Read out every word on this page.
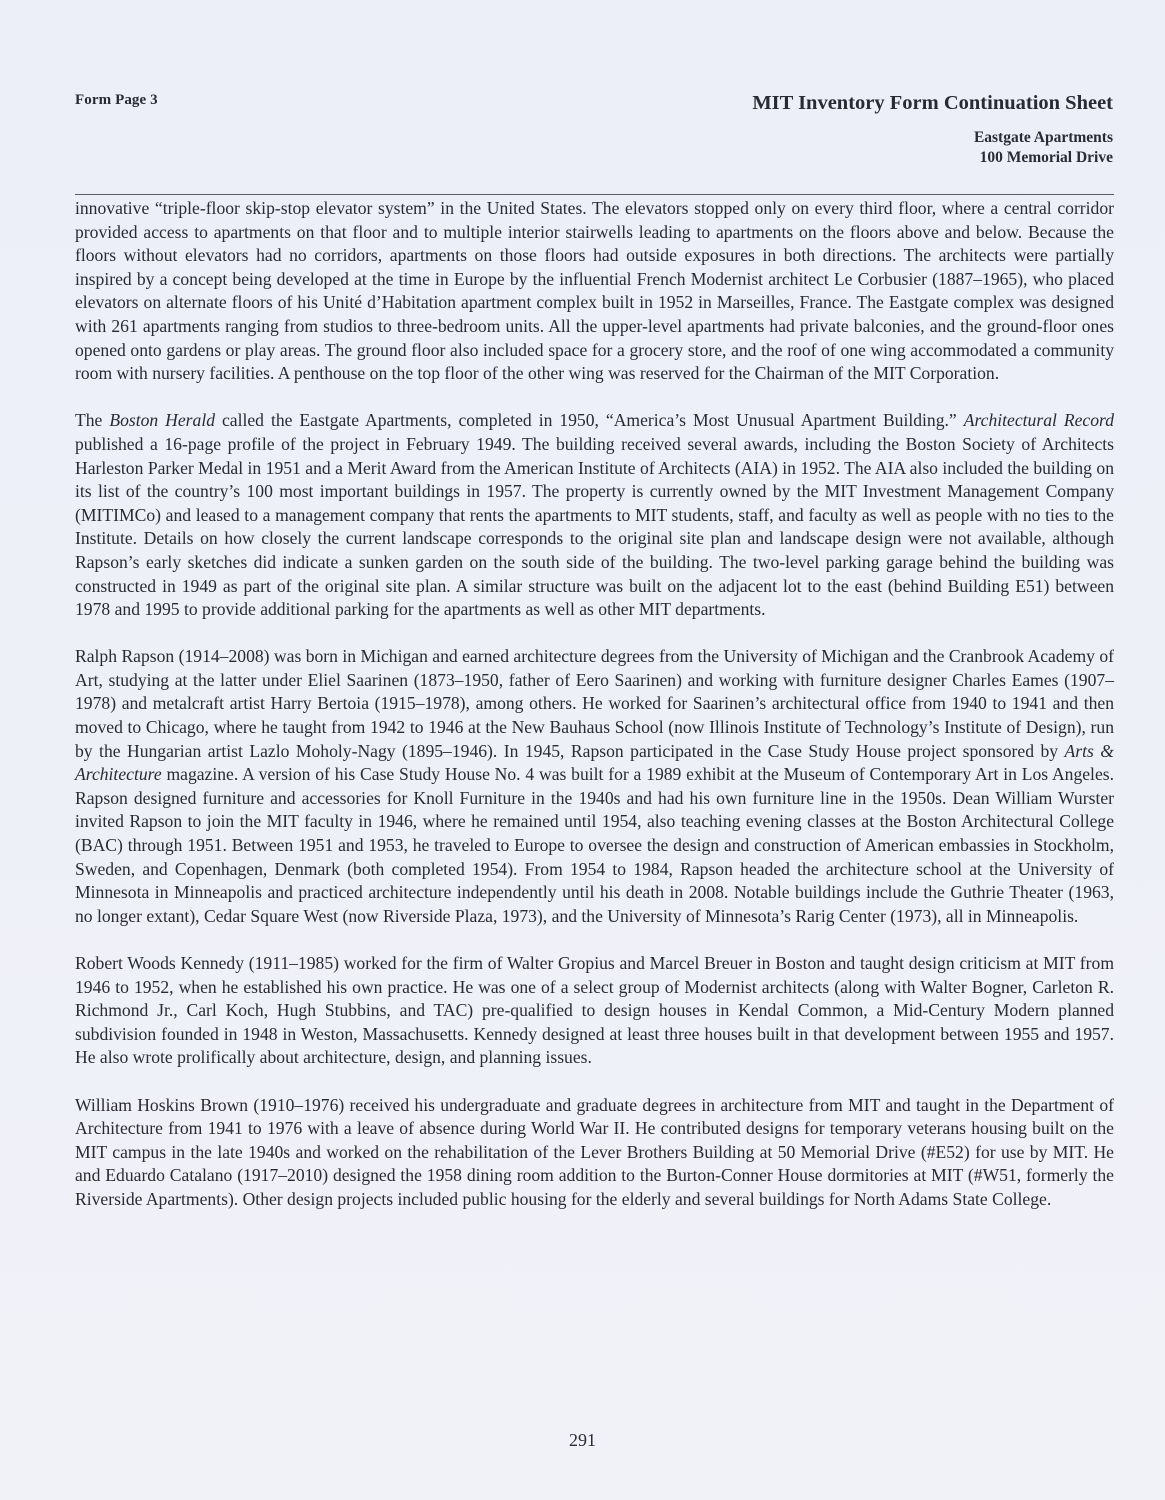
Form Page 3	MIT Inventory Form Continuation Sheet
Eastgate Apartments
100 Memorial Drive

innovative “triple-floor skip-stop elevator system” in the United States. The elevators stopped only on every third floor, where a central corridor provided access to apartments on that floor and to multiple interior stairwells leading to apartments on the floors above and below. Because the floors without elevators had no corridors, apartments on those floors had outside exposures in both directions. The architects were partially inspired by a concept being developed at the time in Europe by the influential French Modernist architect Le Corbusier (1887–1965), who placed elevators on alternate floors of his Unité d’Habitation apartment complex built in 1952 in Marseilles, France. The Eastgate complex was designed with 261 apartments ranging from studios to three-bedroom units. All the upper-level apartments had private balconies, and the ground-floor ones opened onto gardens or play areas. The ground floor also included space for a grocery store, and the roof of one wing accommodated a community room with nursery facilities. A penthouse on the top floor of the other wing was reserved for the Chairman of the MIT Corporation.

The Boston Herald called the Eastgate Apartments, completed in 1950, “America’s Most Unusual Apartment Building.” Architectural Record published a 16-page profile of the project in February 1949. The building received several awards, including the Boston Society of Architects Harleston Parker Medal in 1951 and a Merit Award from the American Institute of Architects (AIA) in 1952. The AIA also included the building on its list of the country’s 100 most important buildings in 1957. The property is currently owned by the MIT Investment Management Company (MITIMCo) and leased to a management company that rents the apartments to MIT students, staff, and faculty as well as people with no ties to the Institute. Details on how closely the current landscape corresponds to the original site plan and landscape design were not available, although Rapson’s early sketches did indicate a sunken garden on the south side of the building. The two-level parking garage behind the building was constructed in 1949 as part of the original site plan. A similar structure was built on the adjacent lot to the east (behind Building E51) between 1978 and 1995 to provide additional parking for the apartments as well as other MIT departments.

Ralph Rapson (1914–2008) was born in Michigan and earned architecture degrees from the University of Michigan and the Cranbrook Academy of Art, studying at the latter under Eliel Saarinen (1873–1950, father of Eero Saarinen) and working with furniture designer Charles Eames (1907–1978) and metalcraft artist Harry Bertoia (1915–1978), among others. He worked for Saarinen’s architectural office from 1940 to 1941 and then moved to Chicago, where he taught from 1942 to 1946 at the New Bauhaus School (now Illinois Institute of Technology’s Institute of Design), run by the Hungarian artist Lazlo Moholy-Nagy (1895–1946). In 1945, Rapson participated in the Case Study House project sponsored by Arts & Architecture magazine. A version of his Case Study House No. 4 was built for a 1989 exhibit at the Museum of Contemporary Art in Los Angeles. Rapson designed furniture and accessories for Knoll Furniture in the 1940s and had his own furniture line in the 1950s. Dean William Wurster invited Rapson to join the MIT faculty in 1946, where he remained until 1954, also teaching evening classes at the Boston Architectural College (BAC) through 1951. Between 1951 and 1953, he traveled to Europe to oversee the design and construction of American embassies in Stockholm, Sweden, and Copenhagen, Denmark (both completed 1954). From 1954 to 1984, Rapson headed the architecture school at the University of Minnesota in Minneapolis and practiced architecture independently until his death in 2008. Notable buildings include the Guthrie Theater (1963, no longer extant), Cedar Square West (now Riverside Plaza, 1973), and the University of Minnesota’s Rarig Center (1973), all in Minneapolis.

Robert Woods Kennedy (1911–1985) worked for the firm of Walter Gropius and Marcel Breuer in Boston and taught design criticism at MIT from 1946 to 1952, when he established his own practice. He was one of a select group of Modernist architects (along with Walter Bogner, Carleton R. Richmond Jr., Carl Koch, Hugh Stubbins, and TAC) pre-qualified to design houses in Kendal Common, a Mid-Century Modern planned subdivision founded in 1948 in Weston, Massachusetts. Kennedy designed at least three houses built in that development between 1955 and 1957. He also wrote prolifically about architecture, design, and planning issues.

William Hoskins Brown (1910–1976) received his undergraduate and graduate degrees in architecture from MIT and taught in the Department of Architecture from 1941 to 1976 with a leave of absence during World War II. He contributed designs for temporary veterans housing built on the MIT campus in the late 1940s and worked on the rehabilitation of the Lever Brothers Building at 50 Memorial Drive (#E52) for use by MIT. He and Eduardo Catalano (1917–2010) designed the 1958 dining room addition to the Burton-Conner House dormitories at MIT (#W51, formerly the Riverside Apartments). Other design projects included public housing for the elderly and several buildings for North Adams State College.

291
